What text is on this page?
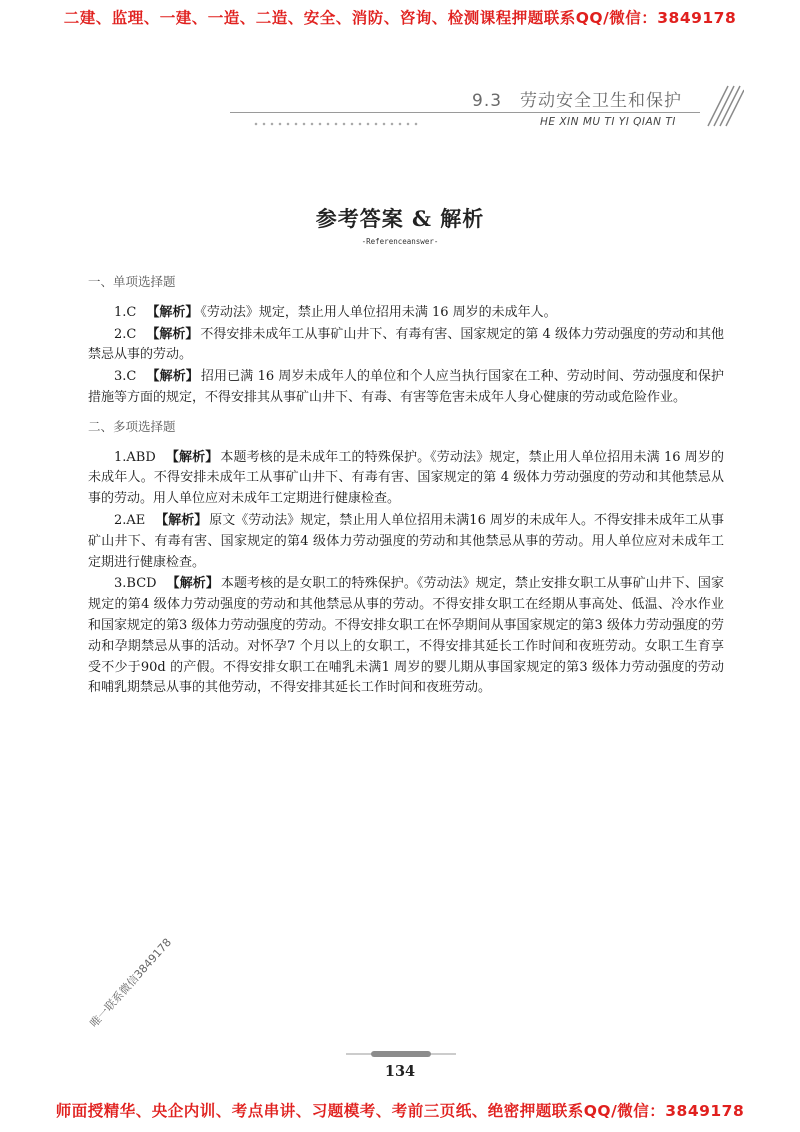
二建、监理、一建、一造、二造、安全、消防、咨询、检测课程押题联系QQ/微信：3849178
9.3　劳动安全卫生和保护
HE XIN MU TI YI QIAN TI
参考答案 & 解析
-Referenceanswer-
一、单项选择题

1.C 【解析】 《劳动法》规定，禁止用人单位招用未满 16 周岁的未成年人。

2.C 【解析】 不得安排未成年工从事矿山井下、有毒有害、国家规定的第 4 级体力劳动强度的劳动和其他禁忌从事的劳动。

3.C 【解析】 招用已满 16 周岁未成年人的单位和个人应当执行国家在工种、劳动时间、劳动强度和保护措施等方面的规定，不得安排其从事矿山井下、有毒、有害等危害未成年人身心健康的劳动或危险作业。

二、多项选择题

1.ABD 【解析】 本题考核的是未成年工的特殊保护。《劳动法》规定，禁止用人单位招用未满 16 周岁的未成年人。不得安排未成年工从事矿山井下、有毒有害、国家规定的第 4 级体力劳动强度的劳动和其他禁忌从事的劳动。用人单位应对未成年工定期进行健康检查。

2.AE 【解析】 原文《劳动法》规定，禁止用人单位招用未满16 周岁的未成年人。不得安排未成年工从事矿山井下、有毒有害、国家规定的第4 级体力劳动强度的劳动和其他禁忌从事的劳动。用人单位应对未成年工定期进行健康检查。

3.BCD 【解析】 本题考核的是女职工的特殊保护。《劳动法》规定，禁止安排女职工从事矿山井下、国家规定的第4 级体力劳动强度的劳动和其他禁忌从事的劳动。不得安排女职工在经期从事高处、低温、冷水作业和国家规定的第3 级体力劳动强度的劳动。不得安排女职工在怀孕期间从事国家规定的第3 级体力劳动强度的劳动和孕期禁忌从事的活动。对怀孕7 个月以上的女职工，不得安排其延长工作时间和夜班劳动。女职工生育享受不少于90d 的产假。不得安排女职工在哺乳未满1 周岁的婴儿期从事国家规定的第3 级体力劳动强度的劳动和哺乳期禁忌从事的其他劳动，不得安排其延长工作时间和夜班劳动。

唯一联系微信3849178
134
师面授精华、央企内训、考点串讲、习题模考、考前三页纸、绝密押题联系QQ/微信：3849178
